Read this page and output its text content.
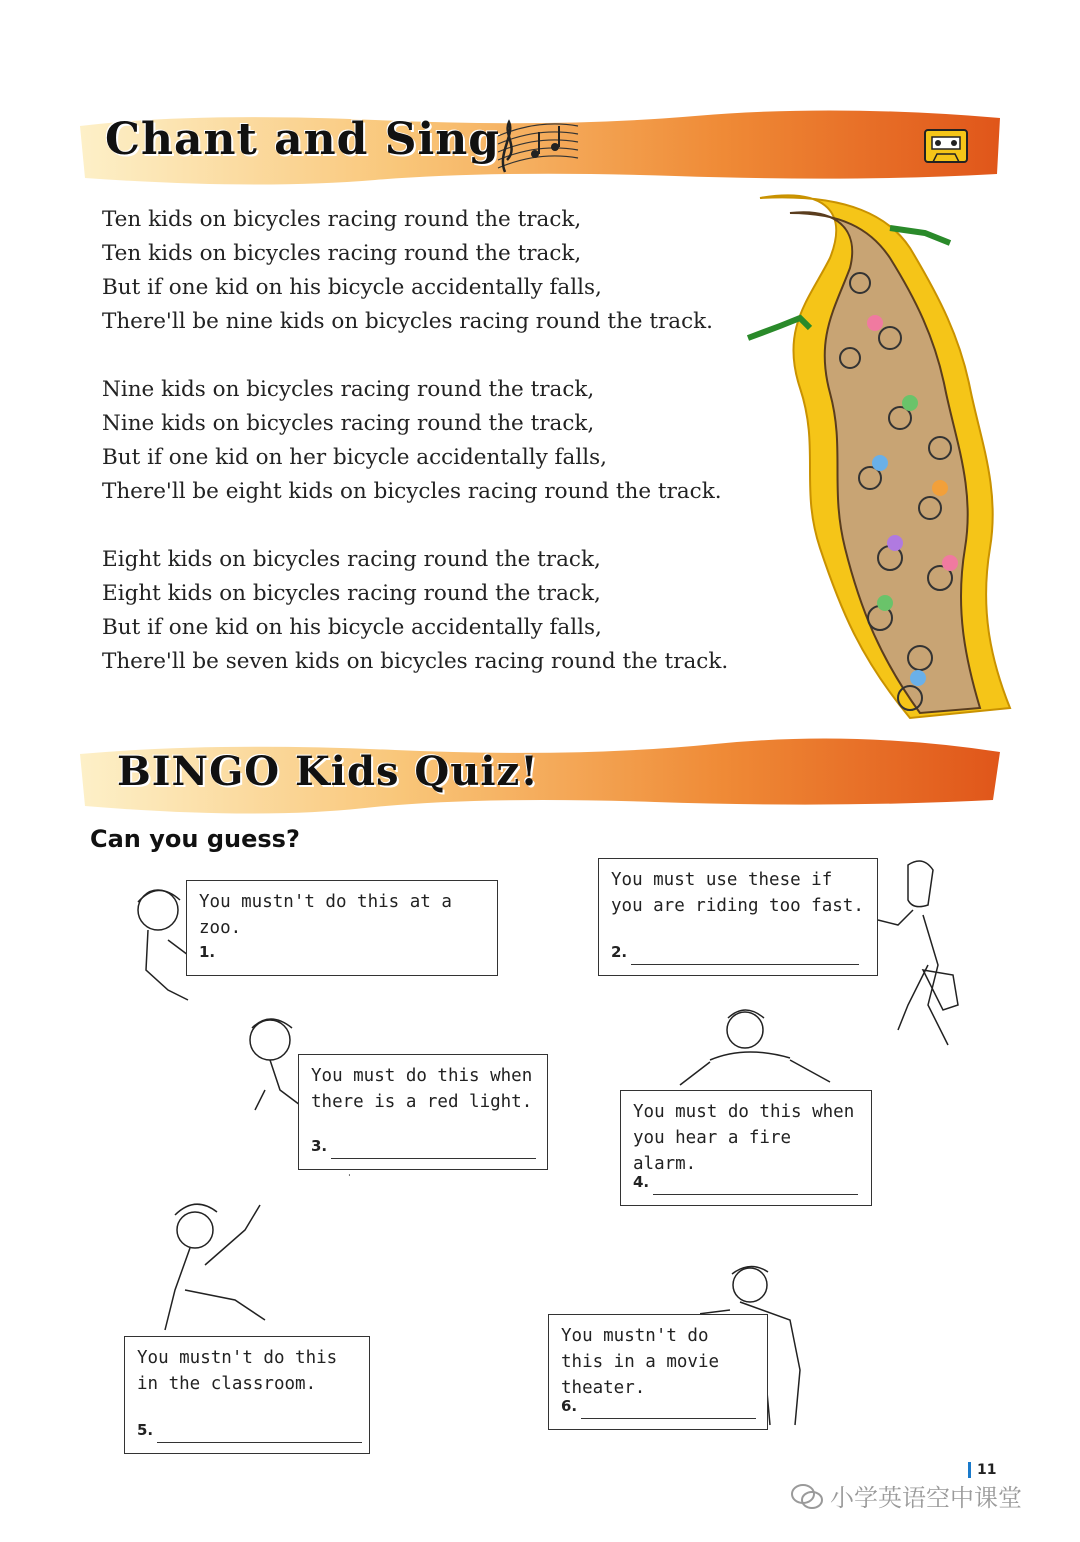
Chant and Sing
Ten kids on bicycles racing round the track,
Ten kids on bicycles racing round the track,
But if one kid on his bicycle accidentally falls,
There'll be nine kids on bicycles racing round the track.
Nine kids on bicycles racing round the track,
Nine kids on bicycles racing round the track,
But if one kid on her bicycle accidentally falls,
There'll be eight kids on bicycles racing round the track.
Eight kids on bicycles racing round the track,
Eight kids on bicycles racing round the track,
But if one kid on his bicycle accidentally falls,
There'll be seven kids on bicycles racing round the track.
BINGO Kids Quiz!
Can you guess?
You mustn't do this at a zoo.
1.
You must use these if you are riding too fast.
2.
You must do this when there is a red light.
3.
You must do this when you hear a fire alarm.
4.
You mustn't do this in the classroom.
5.
You mustn't do this in a movie theater.
6.
11
小学英语空中课堂
